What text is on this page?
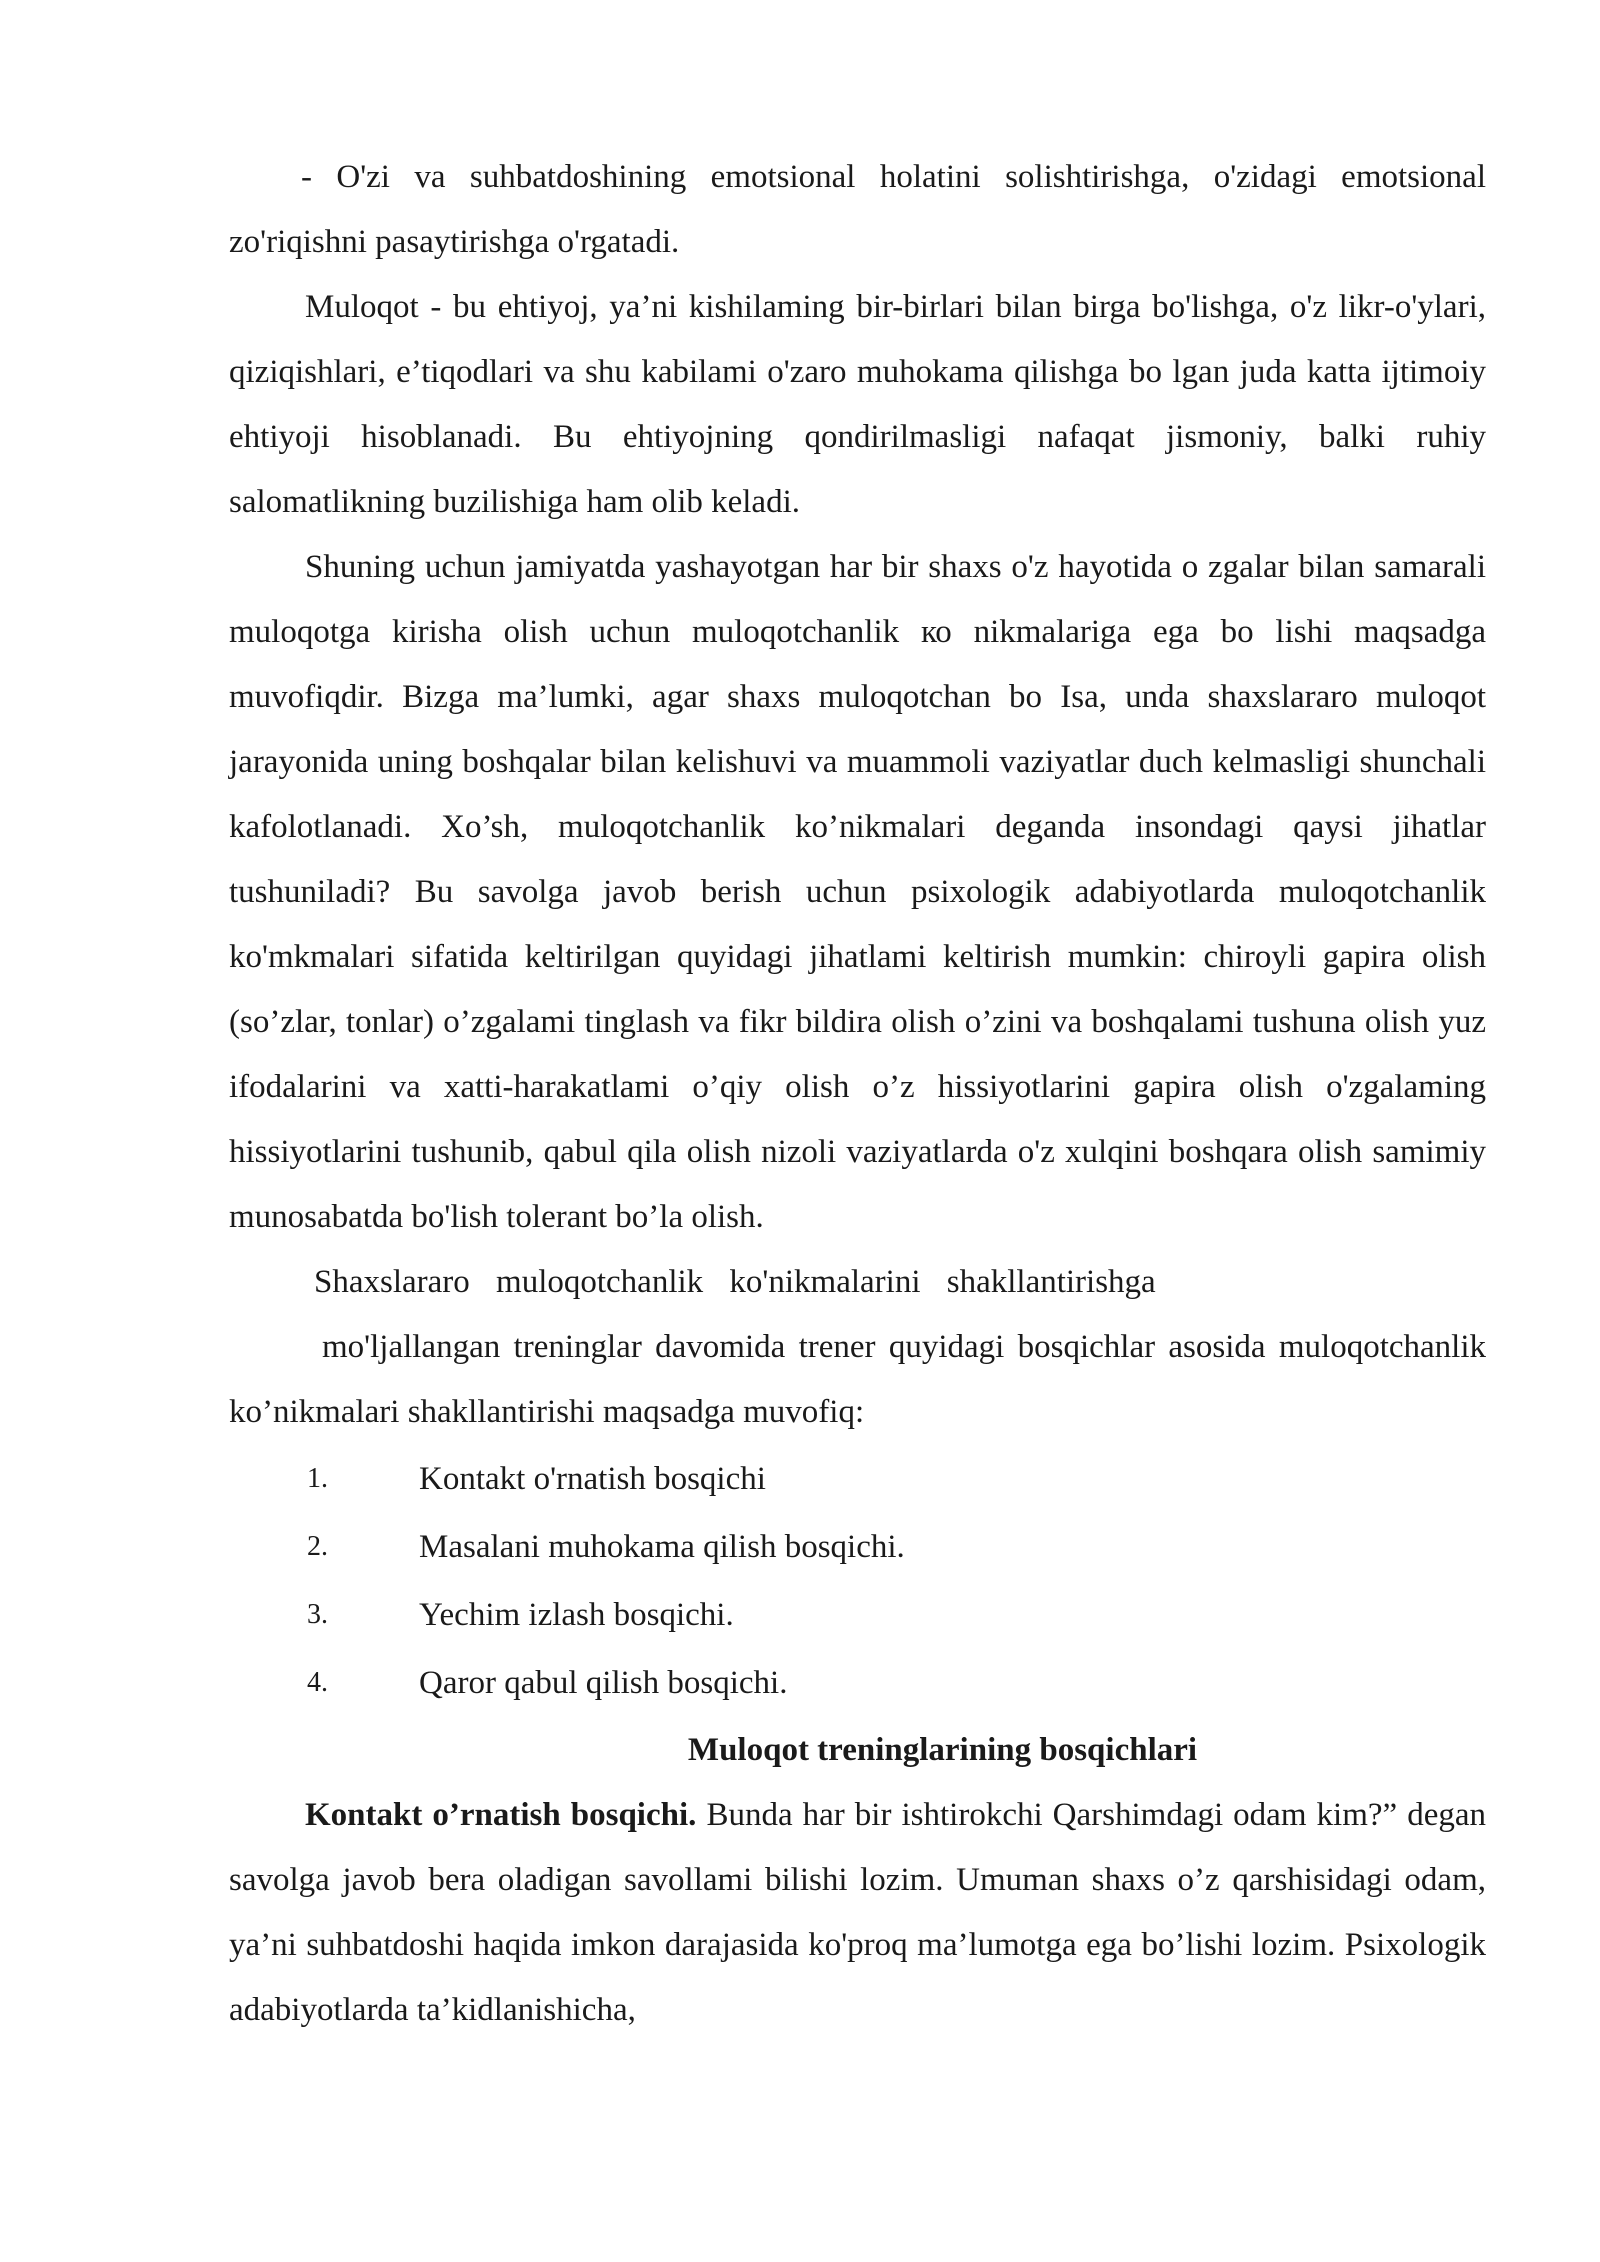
- O'zi va suhbatdoshining emotsional holatini solishtirishga, o'zidagi emotsional zo'riqishni pasaytirishga o'rgatadi.

Muloqot - bu ehtiyoj, ya’ni kishilaming bir-birlari bilan birga bo'lishga, o'z likr-o'ylari, qiziqishlari, e’tiqodlari va shu kabilami o'zaro muhokama qilishga bo lgan juda katta ijtimoiy ehtiyoji hisoblanadi. Bu ehtiyojning qondirilmasligi nafaqat jismoniy, balki ruhiy salomatlikning buzilishiga ham olib keladi.

Shuning uchun jamiyatda yashayotgan har bir shaxs o'z hayotida o zgalar bilan samarali muloqotga kirisha olish uchun muloqotchanlik ко nikmalariga ega bo lishi maqsadga muvofiqdir. Bizga ma’lumki, agar shaxs muloqotchan bo Isa, unda shaxslararo muloqot jarayonida uning boshqalar bilan kelishuvi va muammoli vaziyatlar duch kelmasligi shunchali kafolotlanadi. Xo’sh, muloqotchanlik ko’nikmalari deganda insondagi qaysi jihatlar tushuniladi? Bu savolga javob berish uchun psixologik adabiyotlarda muloqotchanlik ko'mkmalari sifatida keltirilgan quyidagi jihatlami keltirish mumkin: chiroyli gapira olish (so’zlar, tonlar) o’zgalami tinglash va fikr bildira olish o’zini va boshqalami tushuna olish yuz ifodalarini va xatti-harakatlami o’qiy olish o’z hissiyotlarini gapira olish o'zgalaming hissiyotlarini tushunib, qabul qila olish nizoli vaziyatlarda o'z xulqini boshqara olish samimiy munosabatda bo'lish tolerant bo’la olish.

Shaxslararo muloqotchanlik ko'nikmalarini shakllantirishga

mo'ljallangan treninglar davomida trener quyidagi bosqichlar asosida muloqotchanlik ko’nikmalari shakllantirishi maqsadga muvofiq:

1.	Kontakt o'rnatish bosqichi
2.	Masalani muhokama qilish bosqichi.
3.	Yechim izlash bosqichi.
4.	Qaror qabul qilish bosqichi.
Muloqot treninglarining bosqichlari

Kontakt o’rnatish bosqichi. Bunda har bir ishtirokchi Qarshimdagi odam kim?” degan savolga javob bera oladigan savollami bilishi lozim. Umuman shaxs o’z qarshisidagi odam, ya’ni suhbatdoshi haqida imkon darajasida ko'proq ma’lumotga ega bo’lishi lozim. Psixologik adabiyotlarda ta’kidlanishicha,
